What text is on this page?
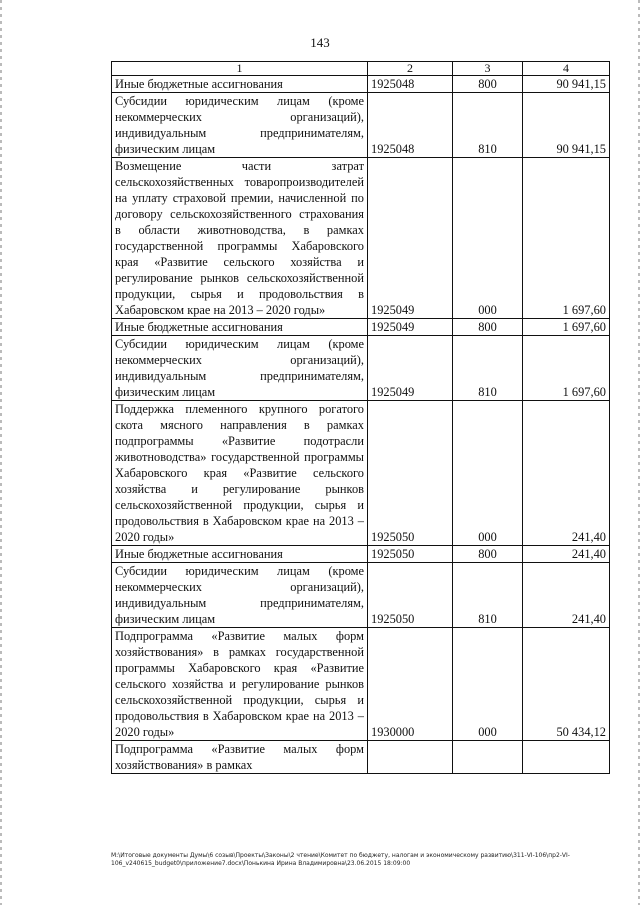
143
1	2	3	4
Иные бюджетные ассигнования	1925048	800	90 941,15
Субсидии юридическим лицам (кроме некоммерческих организаций), индивидуальным предпринимателям, физическим лицам	1925048	810	90 941,15
Возмещение части затрат сельскохозяйственных товаропроизводителей на уплату страховой премии, начисленной по договору сельскохозяйственного страхования в области животноводства, в рамках государственной программы Хабаровского края «Развитие сельского хозяйства и регулирование рынков сельскохозяйственной продукции, сырья и продовольствия в Хабаровском крае на 2013 – 2020 годы»	1925049	000	1 697,60
Иные бюджетные ассигнования	1925049	800	1 697,60
Субсидии юридическим лицам (кроме некоммерческих организаций), индивидуальным предпринимателям, физическим лицам	1925049	810	1 697,60
Поддержка племенного крупного рогатого скота мясного направления в рамках подпрограммы «Развитие подотрасли животноводства» государственной программы Хабаровского края «Развитие сельского хозяйства и регулирование рынков сельскохозяйственной продукции, сырья и продовольствия в Хабаровском крае на 2013 – 2020 годы»	1925050	000	241,40
Иные бюджетные ассигнования	1925050	800	241,40
Субсидии юридическим лицам (кроме некоммерческих организаций), индивидуальным предпринимателям, физическим лицам	1925050	810	241,40
Подпрограмма «Развитие малых форм хозяйствования» в рамках государственной программы Хабаровского края «Развитие сельского хозяйства и регулирование рынков сельскохозяйственной продукции, сырья и продовольствия в Хабаровском крае на 2013 – 2020 годы»	1930000	000	50 434,12
Подпрограмма «Развитие малых форм хозяйствования» в рамках			
М:\Итоговые документы Думы\6 созыв\Проекты\Законы\2 чтение\Комитет по бюджету, налогам и экономическому развитию\311-VI-106\пр2-VI-106_v240615_budget0\приложение7.docx\Понькина Ирина Владимировна\23.06.2015 18:09:00
